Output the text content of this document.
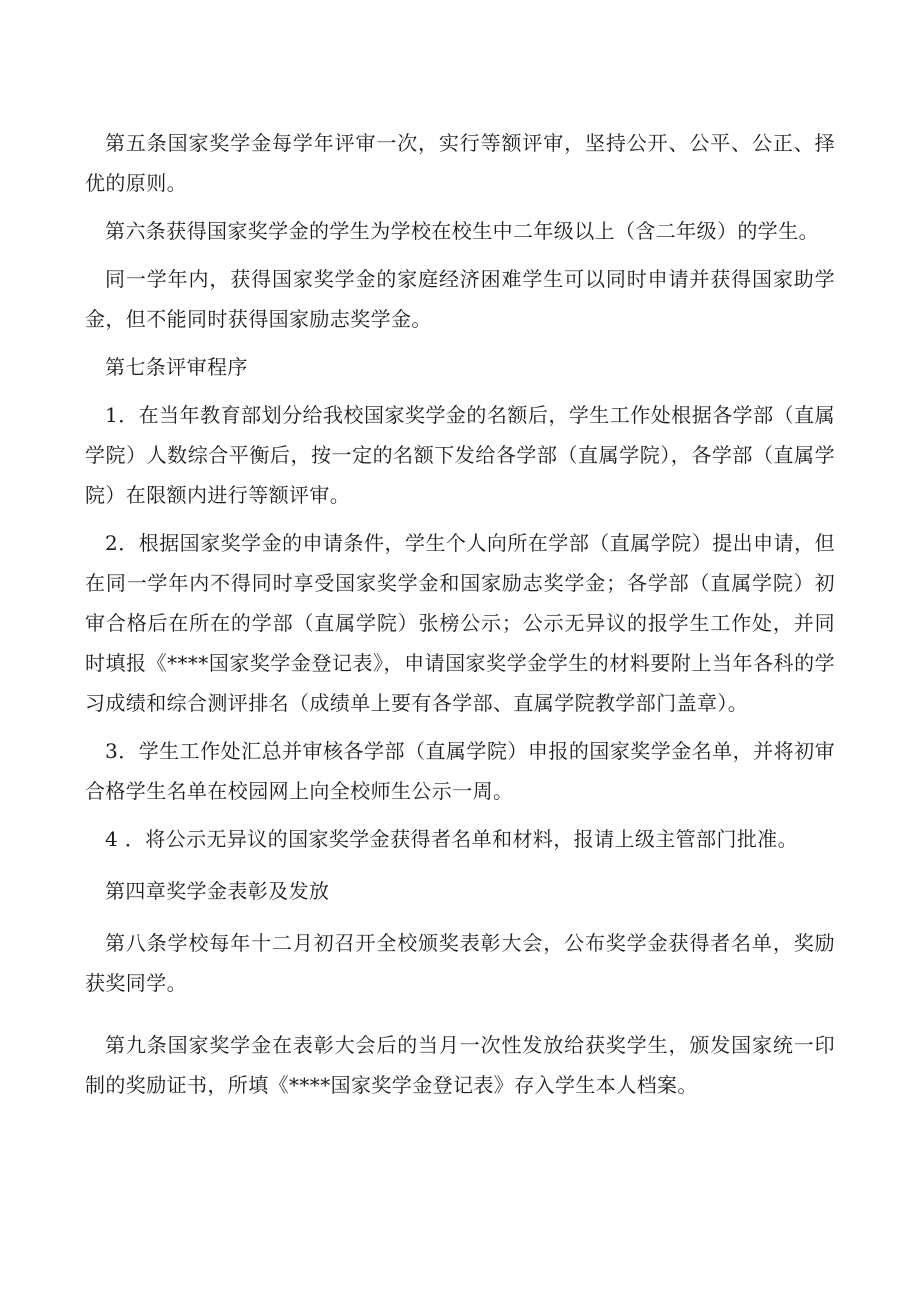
第五条国家奖学金每学年评审一次，实行等额评审，坚持公开、公平、公正、择优的原则。

第六条获得国家奖学金的学生为学校在校生中二年级以上（含二年级）的学生。

同一学年内，获得国家奖学金的家庭经济困难学生可以同时申请并获得国家助学金，但不能同时获得国家励志奖学金。

第七条评审程序

1．在当年教育部划分给我校国家奖学金的名额后，学生工作处根据各学部（直属学院）人数综合平衡后，按一定的名额下发给各学部（直属学院），各学部（直属学院）在限额内进行等额评审。

2．根据国家奖学金的申请条件，学生个人向所在学部（直属学院）提出申请，但在同一学年内不得同时享受国家奖学金和国家励志奖学金；各学部（直属学院）初审合格后在所在的学部（直属学院）张榜公示；公示无异议的报学生工作处，并同时填报《****国家奖学金登记表》，申请国家奖学金学生的材料要附上当年各科的学习成绩和综合测评排名（成绩单上要有各学部、直属学院教学部门盖章）。

3．学生工作处汇总并审核各学部（直属学院）申报的国家奖学金名单，并将初审合格学生名单在校园网上向全校师生公示一周。

4 ．将公示无异议的国家奖学金获得者名单和材料，报请上级主管部门批准。

第四章奖学金表彰及发放

第八条学校每年十二月初召开全校颁奖表彰大会，公布奖学金获得者名单，奖励获奖同学。

第九条国家奖学金在表彰大会后的当月一次性发放给获奖学生，颁发国家统一印制的奖励证书，所填《****国家奖学金登记表》存入学生本人档案。
